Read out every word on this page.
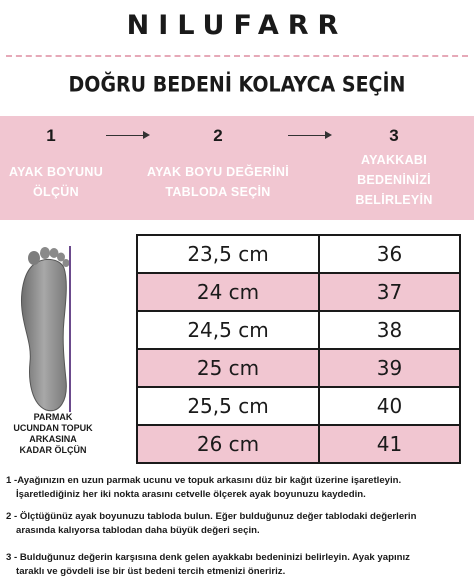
NILUFARR
DOĞRU BEDENİ KOLAYCA SEÇİN
1	2	3
AYAK BOYUNU
ÖLÇÜN
AYAK BOYU DEĞERİNİ
TABLODA SEÇİN
AYAKKABI
BEDENİNİZİ
BELİRLEYİN
PARMAK
UCUNDAN TOPUK
ARKASINA
KADAR ÖLÇÜN
23,5 cm	36
24 cm	37
24,5 cm	38
25 cm	39
25,5 cm	40
26 cm	41
1 -Ayağınızın en uzun parmak ucunu ve topuk arkasını düz bir kağıt üzerine işaretleyin.
İşaretlediğiniz her iki nokta arasını cetvelle ölçerek ayak boyunuzu kaydedin.
2 - Ölçtüğünüz ayak boyunuzu tabloda bulun. Eğer bulduğunuz değer tablodaki değerlerin
arasında kalıyorsa tablodan daha büyük değeri seçin.
3 - Bulduğunuz değerin karşısına denk gelen ayakkabı bedeninizi belirleyin. Ayak yapınız
taraklı ve gövdeli ise bir üst bedeni tercih etmenizi öneririz.
